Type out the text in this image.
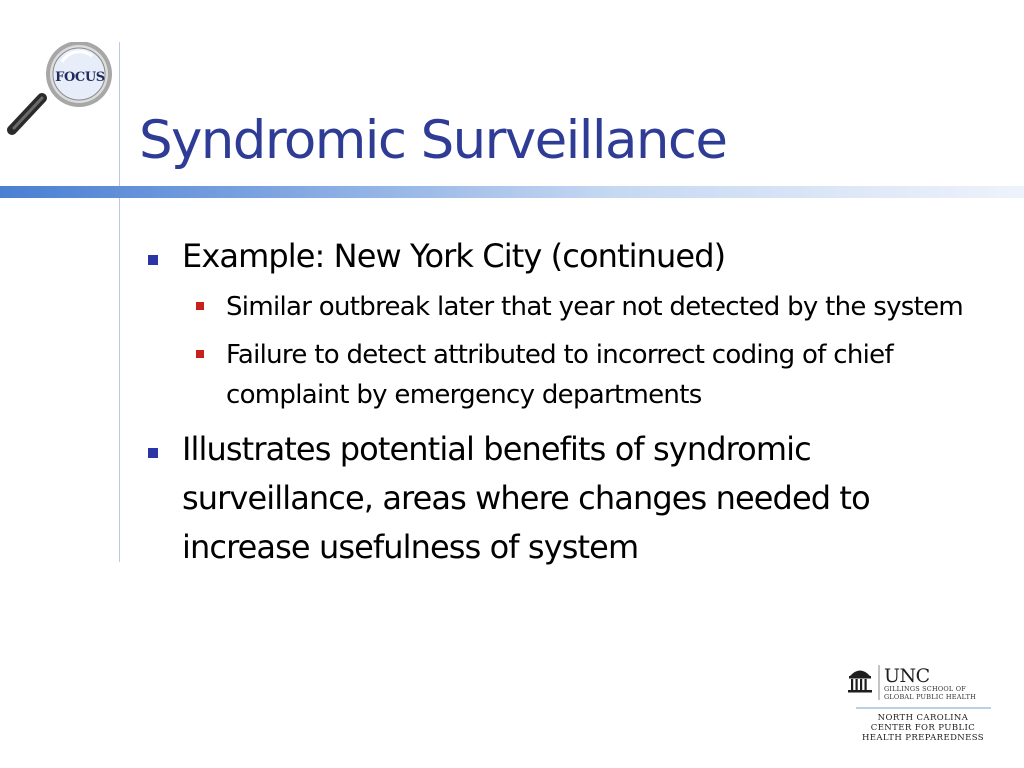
FOCUS
Syndromic Surveillance
Example: New York City (continued)
Similar outbreak later that year not detected by the system
Failure to detect attributed to incorrect coding of chief complaint by emergency departments
Illustrates potential benefits of syndromic surveillance, areas where changes needed to increase usefulness of system
UNC
GILLINGS SCHOOL OF
GLOBAL PUBLIC HEALTH
NORTH CAROLINA
CENTER FOR PUBLIC
HEALTH PREPAREDNESS
